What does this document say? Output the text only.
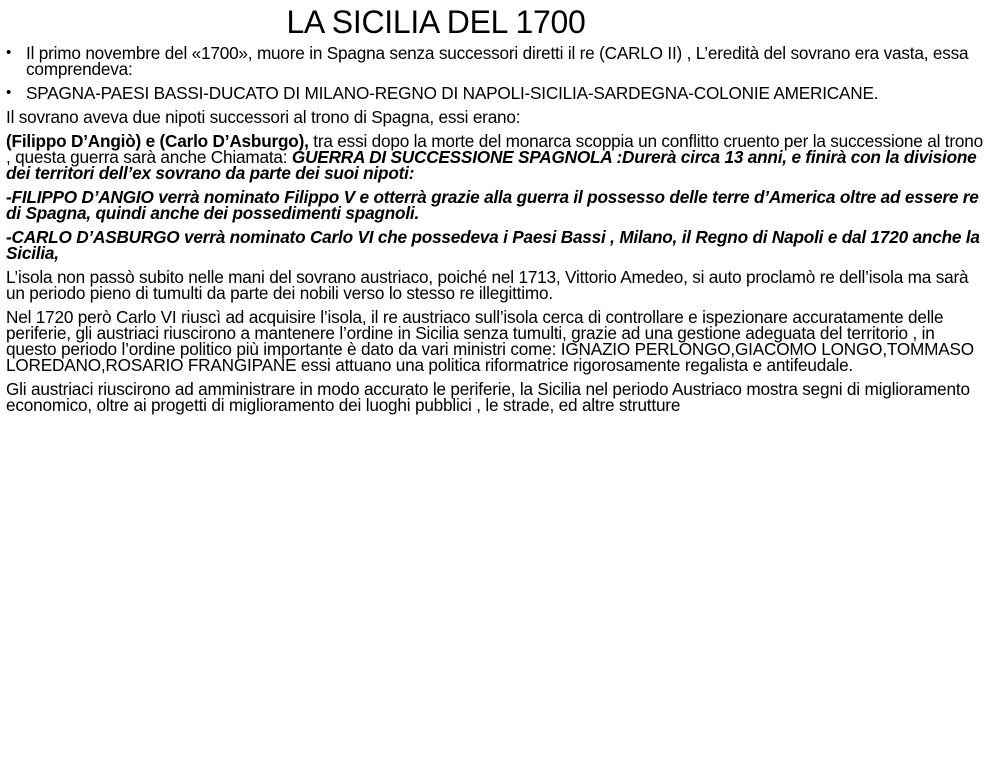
LA SICILIA DEL 1700
• Il primo novembre del «1700», muore in Spagna senza successori diretti il re (CARLO II) , L’eredità del sovrano era vasta, essa comprendeva:
• SPAGNA-PAESI BASSI-DUCATO DI MILANO-REGNO DI NAPOLI-SICILIA-SARDEGNA-COLONIE AMERICANE.

Il sovrano aveva due nipoti successori al trono di Spagna, essi erano:

(Filippo D’Angiò) e (Carlo D’Asburgo), tra essi dopo la morte del monarca scoppia un conflitto cruento per la successione al trono , questa guerra sarà anche Chiamata: GUERRA DI SUCCESSIONE SPAGNOLA :Durerà circa 13 anni, e finirà con la divisione dei territori dell’ex sovrano da parte dei suoi nipoti:

-FILIPPO D’ANGIO verrà nominato Filippo V e otterrà grazie alla guerra il possesso delle terre d’America oltre ad essere re di Spagna, quindi anche dei possedimenti spagnoli.

-CARLO D’ASBURGO verrà nominato Carlo VI che possedeva i Paesi Bassi , Milano, il Regno di Napoli e dal 1720 anche la Sicilia,

L’isola non passò subito nelle mani del sovrano austriaco, poiché nel 1713, Vittorio Amedeo, si auto proclamò re dell’isola ma sarà un periodo pieno di tumulti da parte dei nobili verso lo stesso re illegittimo.

Nel 1720 però Carlo VI riuscì ad acquisire l’isola, il re austriaco sull’isola cerca di controllare e ispezionare accuratamente delle periferie, gli austriaci riuscirono a mantenere l’ordine in Sicilia senza tumulti, grazie ad una gestione adeguata del territorio , in questo periodo l’ordine politico più importante è dato da vari ministri come: IGNAZIO PERLONGO,GIACOMO LONGO,TOMMASO LOREDANO,ROSARIO FRANGIPANE essi attuano una politica riformatrice rigorosamente regalista e antifeudale.

Gli austriaci riuscirono ad amministrare in modo accurato le periferie, la Sicilia nel periodo Austriaco mostra segni di miglioramento economico, oltre ai progetti di miglioramento dei luoghi pubblici , le strade, ed altre strutture
